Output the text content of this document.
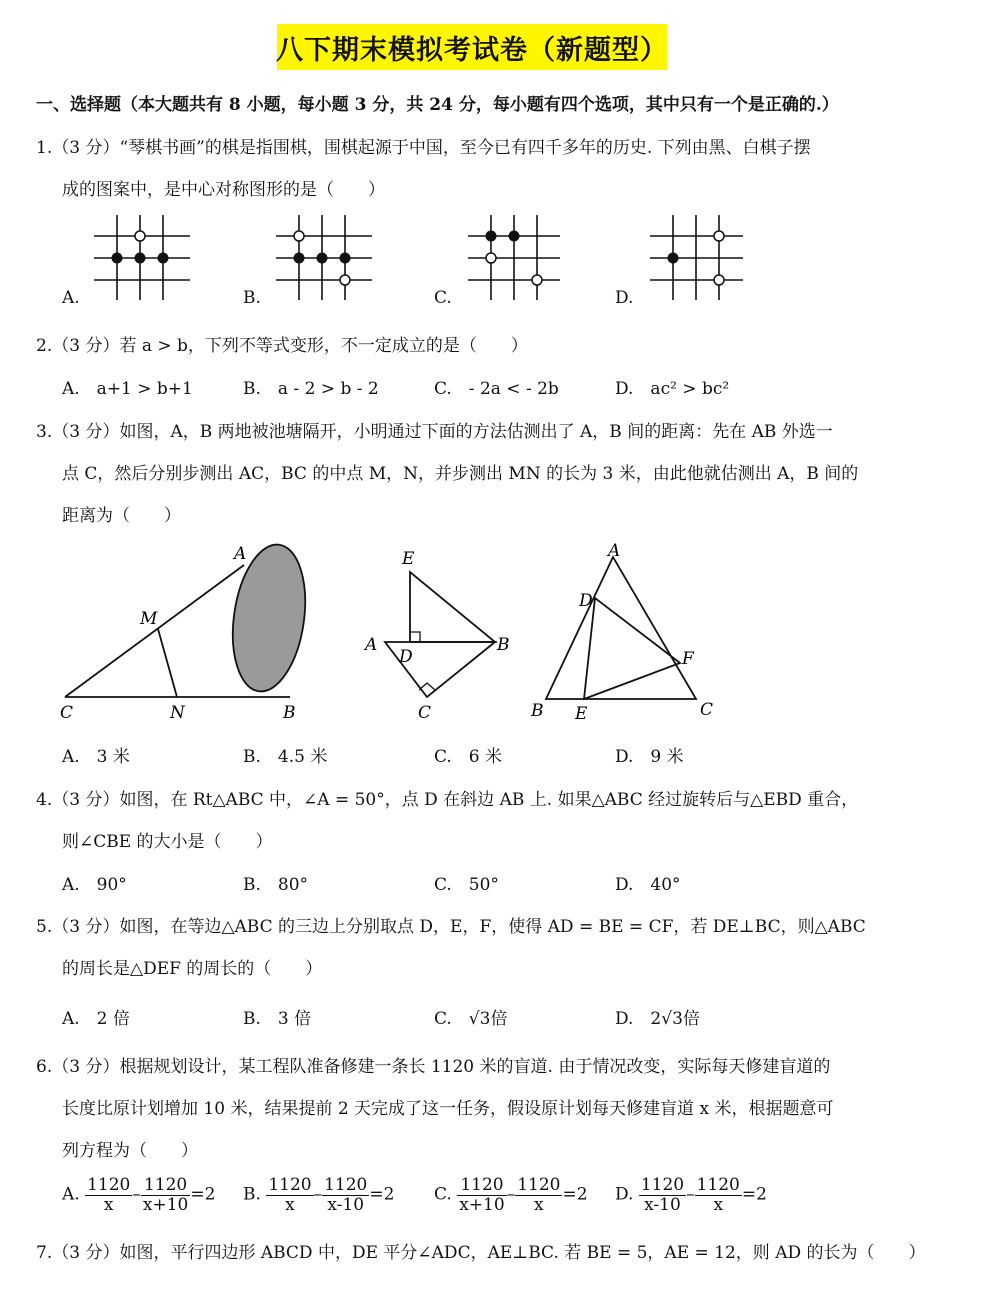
八下期末模拟考试卷（新题型）
一、选择题（本大题共有 8 小题，每小题 3 分，共 24 分，每小题有四个选项，其中只有一个是正确的.）
1.（3 分）“琴棋书画”的棋是指围棋，围棋起源于中国，至今已有四千多年的历史. 下列由黑、白棋子摆
成的图案中，是中心对称图形的是（　　）
A.	B.	C.	D.
2.（3 分）若 a > b，下列不等式变形，不一定成立的是（　　）
A.　a+1 > b+1	B.　a - 2 > b - 2	C.　- 2a < - 2b	D.　ac² > bc²
3.（3 分）如图，A，B 两地被池塘隔开，小明通过下面的方法估测出了 A，B 间的距离：先在 AB 外选一
点 C，然后分别步测出 AC，BC 的中点 M，N，并步测出 MN 的长为 3 米，由此他就估测出 A，B 间的
距离为（　　）
A
M
C	N	B
E
A
D
B
C
A
D
F
B E	C
A.　3 米	B.　4.5 米	C.　6 米	D.　9 米
4.（3 分）如图，在 Rt△ABC 中，∠A = 50°，点 D 在斜边 AB 上. 如果△ABC 经过旋转后与△EBD 重合，
则∠CBE 的大小是（　　）
A.　90°	B.　80°	C.　50°	D.　40°
5.（3 分）如图，在等边△ABC 的三边上分别取点 D，E，F，使得 AD = BE = CF，若 DE⊥BC，则△ABC
的周长是△DEF 的周长的（　　）
A.　2 倍	B.　3 倍	C.　√3倍	D.　2√3倍
6.（3 分）根据规划设计，某工程队准备修建一条长 1120 米的盲道. 由于情况改变，实际每天修建盲道的
长度比原计划增加 10 米，结果提前 2 天完成了这一任务，假设原计划每天修建盲道 x 米，根据题意可
列方程为（　　）
A. $\frac{1120}{x} - \frac{1120}{x+10} =2$ B. $\frac{1120}{x} - \frac{1120}{x-10} =2$ C. $\frac{1120}{x+10} - \frac{1120}{x} =2$ D. $\frac{1120}{x-10} - \frac{1120}{x} =2$
7.（3 分）如图，平行四边形 ABCD 中，DE 平分∠ADC，AE⊥BC. 若 BE = 5，AE = 12，则 AD 的长为（　　）
